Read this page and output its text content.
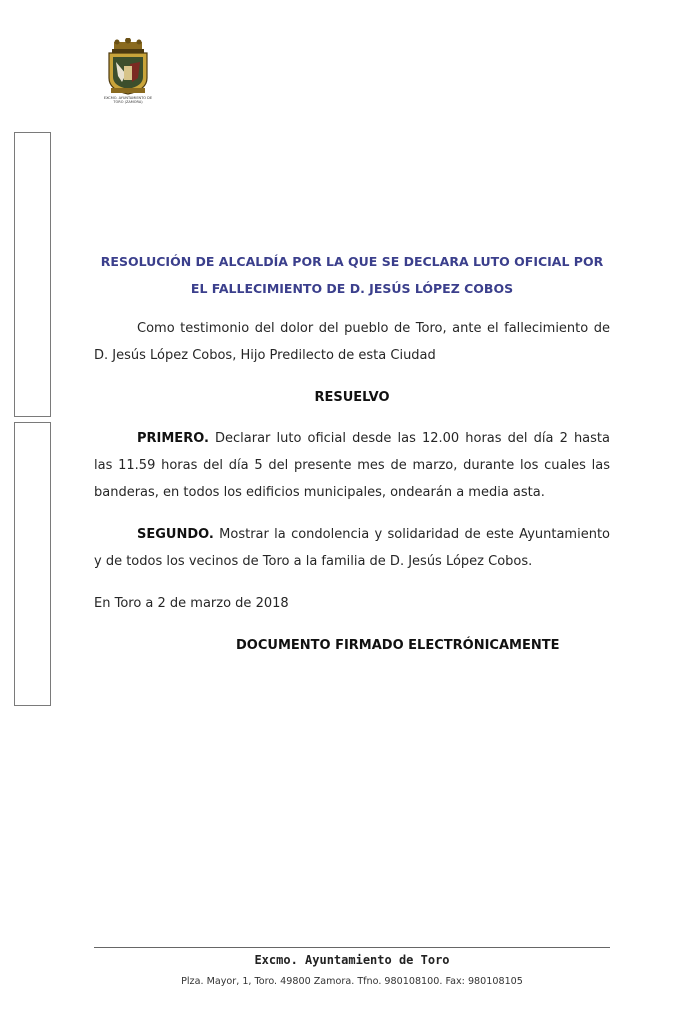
EXCMO. AYUNTAMIENTO DE TORO (ZAMORA)

RESOLUCIÓN DE ALCALDÍA POR LA QUE SE DECLARA LUTO OFICIAL POR EL FALLECIMIENTO DE D. JESÚS LÓPEZ COBOS

Como testimonio del dolor del pueblo de Toro, ante el fallecimiento de D. Jesús López Cobos, Hijo Predilecto de esta Ciudad

RESUELVO

PRIMERO. Declarar luto oficial desde las 12.00 horas del día 2 hasta las 11.59 horas del día 5 del presente mes de marzo, durante los cuales las banderas, en todos los edificios municipales, ondearán a media asta.

SEGUNDO. Mostrar la condolencia y solidaridad de este Ayuntamiento y de todos los vecinos de Toro a la familia de D. Jesús López Cobos.

En Toro a 2 de marzo de 2018

DOCUMENTO FIRMADO ELECTRÓNICAMENTE

Excmo. Ayuntamiento de Toro
Plza. Mayor, 1, Toro. 49800 Zamora. Tfno. 980108100. Fax: 980108105
